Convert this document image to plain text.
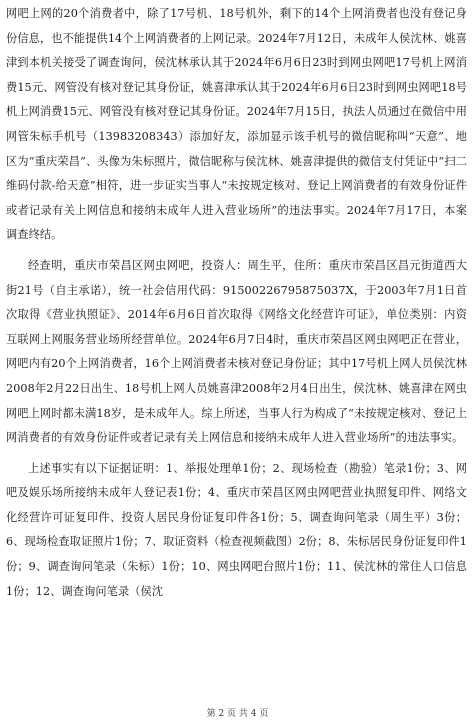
网吧上网的20个消费者中，除了17号机、18号机外，剩下的14个上网消费者也没有登记身份信息，也不能提供14个上网消费者的上网记录。2024年7月12日，未成年人侯沈林、姚喜津到本机关接受了调查询问，侯沈林承认其于2024年6月6日23时到网虫网吧17号机上网消费15元、网管没有核对登记其身份证，姚喜津承认其于2024年6月6日23时到网虫网吧18号机上网消费15元、网管没有核对登记其身份证。2024年7月15日，执法人员通过在微信中用网管朱标手机号（13983208343）添加好友，添加显示该手机号的微信昵称叫“天意”、地区为“重庆荣昌”、头像为朱标照片，微信昵称与侯沈林、姚喜津提供的微信支付凭证中“扫二维码付款-给天意”相符，进一步证实当事人“未按规定核对、登记上网消费者的有效身份证件或者记录有关上网信息和接纳未成年人进入营业场所”的违法事实。2024年7月17日，本案调查终结。

经查明，重庆市荣昌区网虫网吧，投资人：周生平，住所：重庆市荣昌区昌元街道西大街21号（自主承诺），统一社会信用代码：91500226795875037X，于2003年7月1日首次取得《营业执照证》、2014年6月6日首次取得《网络文化经营许可证》，单位类别：内资互联网上网服务营业场所经营单位。2024年6月7日4时，重庆市荣昌区网虫网吧正在营业，网吧内有20个上网消费者，16个上网消费者未核对登记身份证；其中17号机上网人员侯沈林2008年2月22日出生、18号机上网人员姚喜津2008年2月4日出生，侯沈林、姚喜津在网虫网吧上网时都未满18岁，是未成年人。综上所述，当事人行为构成了“未按规定核对、登记上网消费者的有效身份证件或者记录有关上网信息和接纳未成年人进入营业场所”的违法事实。

上述事实有以下证据证明：1、举报处理单1份；2、现场检查（勘验）笔录1份；3、网吧及娱乐场所接纳未成年人登记表1份；4、重庆市荣昌区网虫网吧营业执照复印件、网络文化经营许可证复印件、投资人居民身份证复印件各1份；5、调查询问笔录（周生平）3份；6、现场检查取证照片1份；7、取证资料（检查视频截图）2份；8、朱标居民身份证复印件1份；9、调查询问笔录（朱标）1份；10、网虫网吧台照片1份；11、侯沈林的常住人口信息1份；12、调查询问笔录（侯沈

第 2 页 共 4 页
